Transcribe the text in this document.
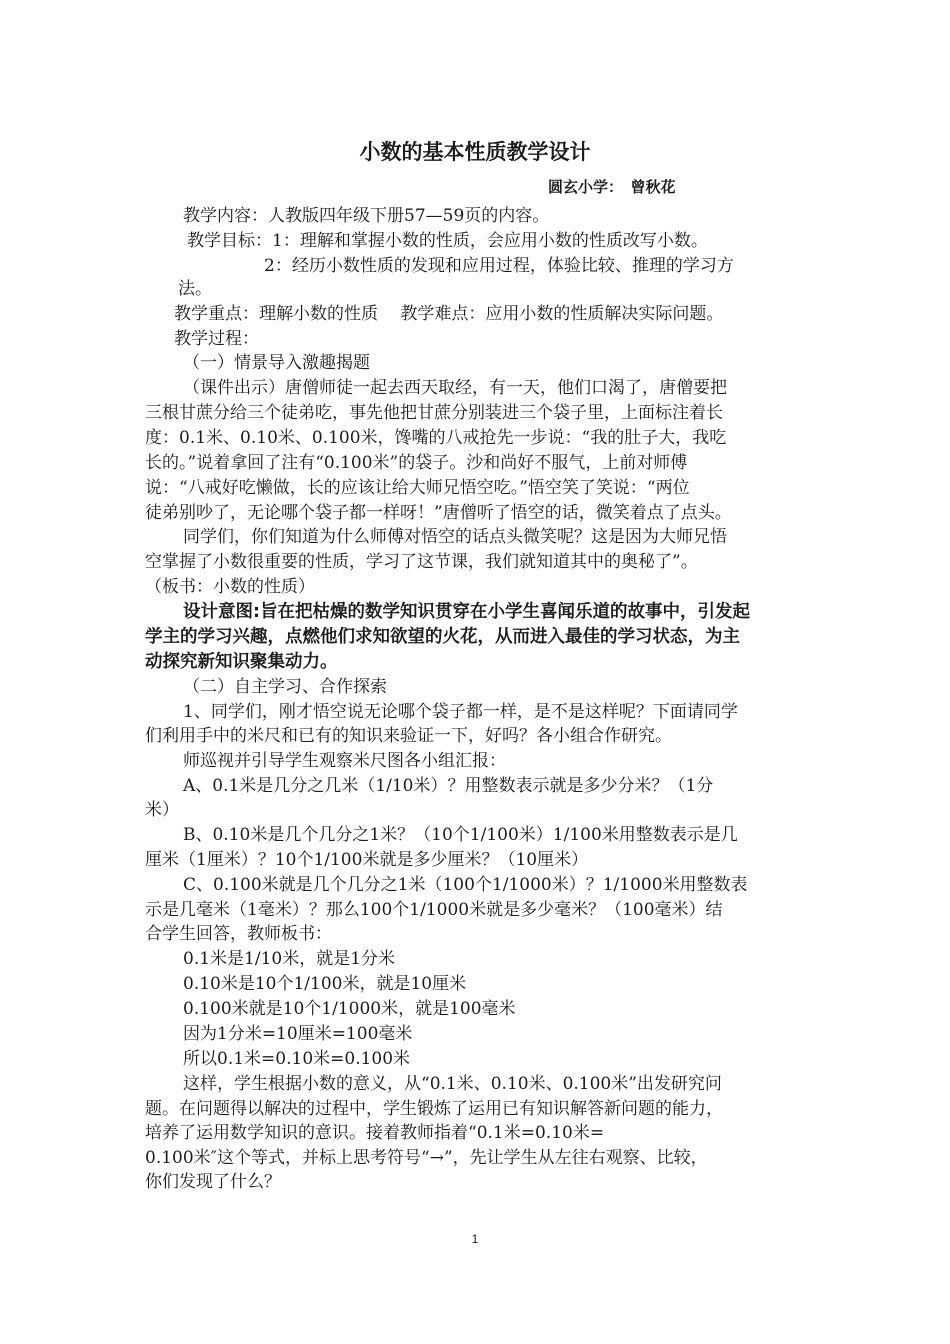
小数的基本性质教学设计
圆玄小学：　曾秋花
教学内容：人教版四年级下册57—59页的内容。
教学目标：1：理解和掌握小数的性质，会应用小数的性质改写小数。
2：经历小数性质的发现和应用过程，体验比较、推理的学习方
法。
教学重点：理解小数的性质　 教学难点：应用小数的性质解决实际问题。
教学过程：
（一）情景导入激趣揭题
（课件出示）唐僧师徒一起去西天取经，有一天，他们口渴了，唐僧要把
三根甘蔗分给三个徒弟吃，事先他把甘蔗分别装进三个袋子里，上面标注着长
度：0.1米、0.10米、0.100米，馋嘴的八戒抢先一步说：“我的肚子大，我吃
长的。”说着拿回了注有“0.100米”的袋子。沙和尚好不服气，上前对师傅
说：“八戒好吃懒做，长的应该让给大师兄悟空吃。”悟空笑了笑说：“两位
徒弟别吵了，无论哪个袋子都一样呀！”唐僧听了悟空的话，微笑着点了点头。
同学们，你们知道为什么师傅对悟空的话点头微笑呢？这是因为大师兄悟
空掌握了小数很重要的性质，学习了这节课，我们就知道其中的奥秘了”。
（板书：小数的性质）
设计意图:旨在把枯燥的数学知识贯穿在小学生喜闻乐道的故事中，引发起
学主的学习兴趣，点燃他们求知欲望的火花，从而进入最佳的学习状态，为主
动探究新知识聚集动力。
（二）自主学习、合作探索
1、同学们，刚才悟空说无论哪个袋子都一样，是不是这样呢？下面请同学
们利用手中的米尺和已有的知识来验证一下，好吗？各小组合作研究。
师巡视并引导学生观察米尺图各小组汇报：
A、0.1米是几分之几米（1/10米）？用整数表示就是多少分米？（1分
米）
B、0.10米是几个几分之1米？（10个1/100米）1/100米用整数表示是几
厘米（1厘米）？10个1/100米就是多少厘米？（10厘米）
C、0.100米就是几个几分之1米（100个1/1000米）？1/1000米用整数表
示是几毫米（1毫米）？那么100个1/1000米就是多少毫米？（100毫米）结
合学生回答，教师板书：
0.1米是1/10米，就是1分米
0.10米是10个1/100米，就是10厘米
0.100米就是10个1/1000米，就是100毫米
因为1分米=10厘米=100毫米
所以0.1米=0.10米=0.100米
这样，学生根据小数的意义，从“0.1米、0.10米、0.100米”出发研究问
题。在问题得以解决的过程中，学生锻炼了运用已有知识解答新问题的能力，
培养了运用数学知识的意识。接着教师指着“0.1米=0.10米=
0.100米″这个等式，并标上思考符号“→”，先让学生从左往右观察、比较，
你们发现了什么？
1
